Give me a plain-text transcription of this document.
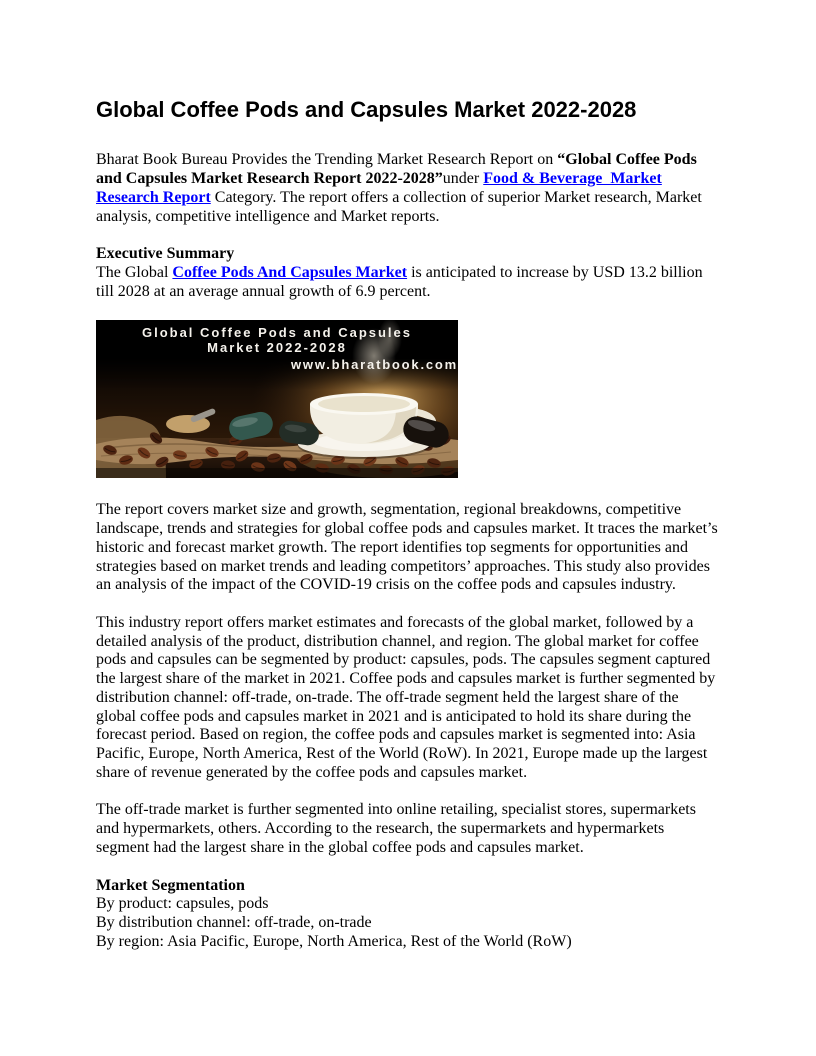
Global Coffee Pods and Capsules Market 2022-2028

Bharat Book Bureau Provides the Trending Market Research Report on “Global Coffee Pods and Capsules Market Research Report 2022-2028”under Food & Beverage  Market Research Report Category. The report offers a collection of superior Market research, Market analysis, competitive intelligence and Market reports.

Executive Summary

The Global Coffee Pods And Capsules Market is anticipated to increase by USD 13.2 billion till 2028 at an average annual growth of 6.9 percent.

Global Coffee Pods and Capsules
Market 2022-2028
www.bharatbook.com

The report covers market size and growth, segmentation, regional breakdowns, competitive landscape, trends and strategies for global coffee pods and capsules market. It traces the market’s historic and forecast market growth. The report identifies top segments for opportunities and strategies based on market trends and leading competitors’ approaches. This study also provides an analysis of the impact of the COVID-19 crisis on the coffee pods and capsules industry.

This industry report offers market estimates and forecasts of the global market, followed by a detailed analysis of the product, distribution channel, and region. The global market for coffee pods and capsules can be segmented by product: capsules, pods. The capsules segment captured the largest share of the market in 2021. Coffee pods and capsules market is further segmented by distribution channel: off-trade, on-trade. The off-trade segment held the largest share of the global coffee pods and capsules market in 2021 and is anticipated to hold its share during the forecast period. Based on region, the coffee pods and capsules market is segmented into: Asia Pacific, Europe, North America, Rest of the World (RoW). In 2021, Europe made up the largest share of revenue generated by the coffee pods and capsules market.

The off-trade market is further segmented into online retailing, specialist stores, supermarkets and hypermarkets, others. According to the research, the supermarkets and hypermarkets segment had the largest share in the global coffee pods and capsules market.

Market Segmentation

By product: capsules, pods

By distribution channel: off-trade, on-trade

By region: Asia Pacific, Europe, North America, Rest of the World (RoW)
